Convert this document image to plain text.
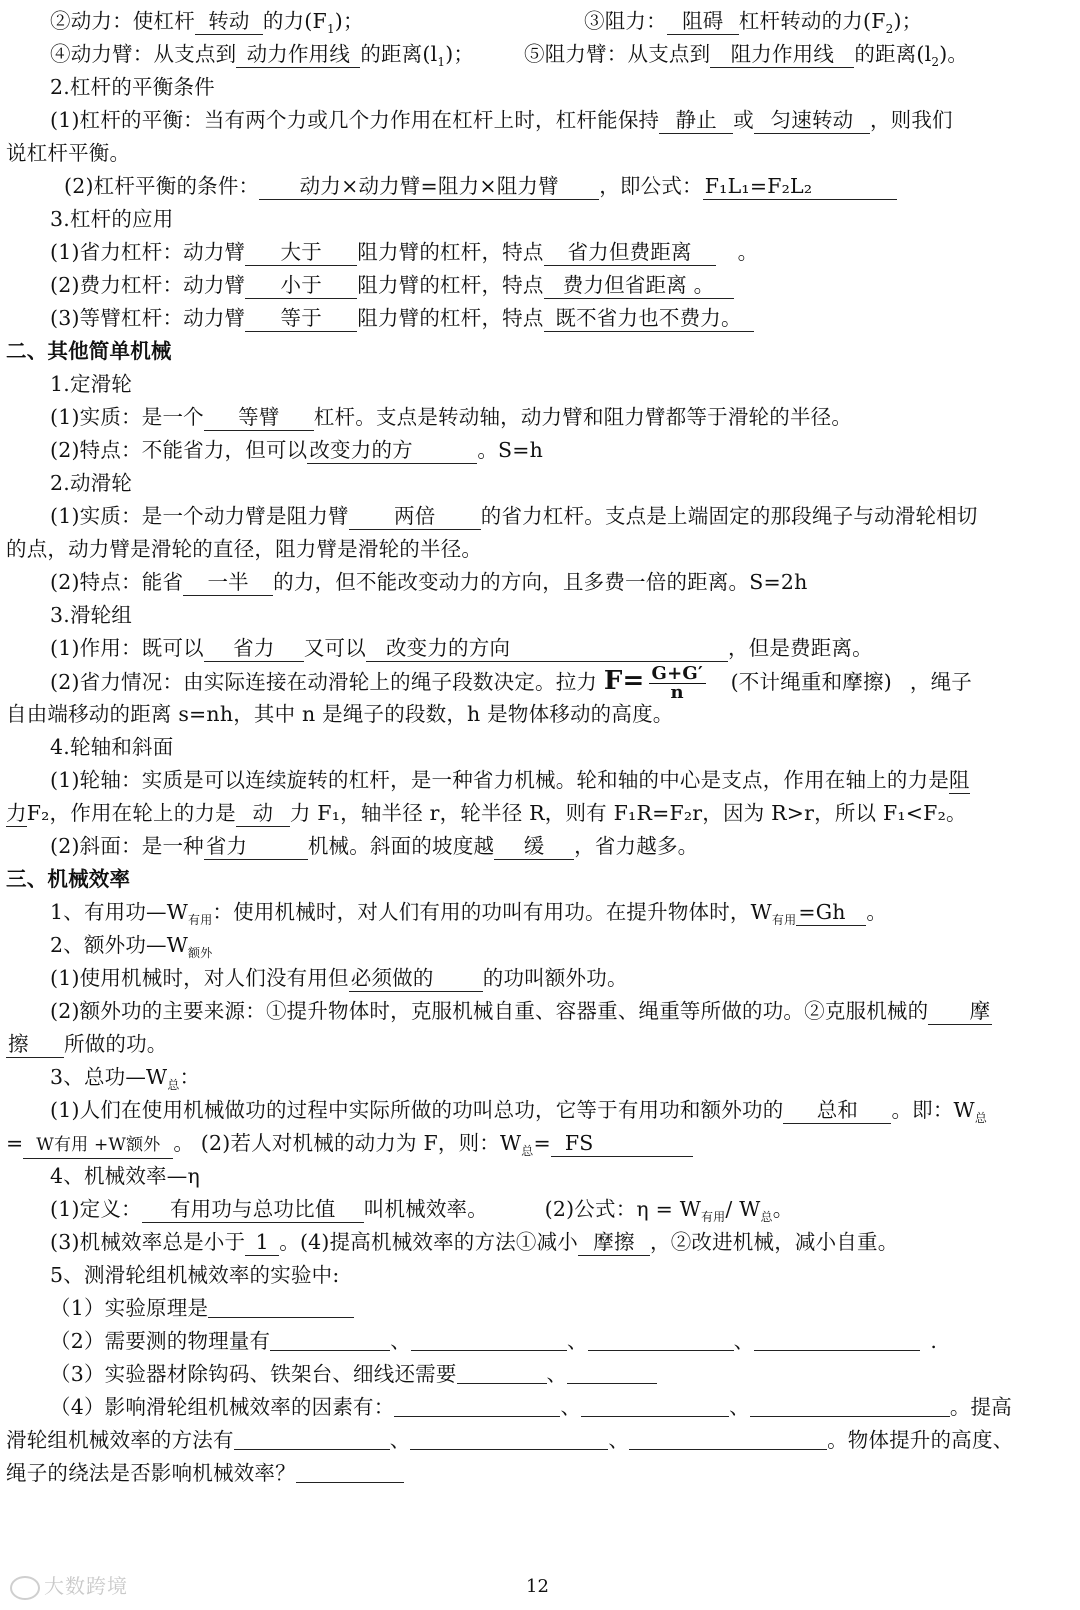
②动力：使杠杆 转动 的力$(F_1)$；	③阻力： 阻碍 杠杆转动的力$(F_2)$；
④动力臂：从支点到 动力作用线 的距离$(l_1)$； ⑤阻力臂：从支点到 阻力作用线 的距离$(l_2)$。
2.杠杆的平衡条件
(1)杠杆的平衡：当有两个力或几个力作用在杠杆上时，杠杆能保持 静止 或 匀速转动 ，则我们
说杠杆平衡。
(2)杠杆平衡的条件： 动力×动力臂=阻力×阻力臂 ，即公式：F₁L₁=F₂L₂
3.杠杆的应用
(1)省力杠杆：动力臂 大于 阻力臂的杠杆，特点 省力但费距离 。
(2)费力杠杆：动力臂 小于 阻力臂的杠杆，特点 费力但省距离 。
(3)等臂杠杆：动力臂 等于 阻力臂的杠杆，特点 既不省力也不费力。
二、其他简单机械
1.定滑轮
(1)实质：是一个 等臂 杠杆。支点是转动轴，动力臂和阻力臂都等于滑轮的半径。
(2)特点：不能省力，但可以改变力的方	。S=h
2.动滑轮
(1)实质：是一个动力臂是阻力臂 两倍 的省力杠杆。支点是上端固定的那段绳子与动滑轮相切
的点，动力臂是滑轮的直径，阻力臂是滑轮的半径。
(2)特点：能省 一半 的力，但不能改变动力的方向，且多费一倍的距离。S=2h
3.滑轮组
(1)作用：既可以 省力 又可以 改变力的方向	，但是费距离。
(2)省力情况：由实际连接在动滑轮上的绳子段数决定。拉力 $F= \frac{G+G'}{n}$ (不计绳重和摩擦) ，绳子
自由端移动的距离 s=nh，其中 n 是绳子的段数，h 是物体移动的高度。
4.轮轴和斜面
(1)轮轴：实质是可以连续旋转的杠杆，是一种省力机械。轮和轴的中心是支点，作用在轴上的力是阻
力F₂，作用在轮上的力是 动 力 F₁，轴半径 r，轮半径 R，则有 F₁R=F₂r，因为 R>r，所以 F₁<F₂。
(2)斜面：是一种省力	机械。斜面的坡度越 缓 ，省力越多。
三、机械效率
1、有用功$—W_{有用}$：使用机械时，对人们有用的功叫有用功。在提升物体时，$W_{有用}=Gh$ 。
2、额外功$—W_{额外}$
(1)使用机械时，对人们没有用但必须做的 的功叫额外功。
(2)额外功的主要来源：①提升物体时，克服机械自重、容器重、绳重等所做的功。②克服机械的 摩
擦 所做的功。
3、总功$—W_总$：
(1)人们在使用机械做功的过程中实际所做的功叫总功，它等于有用功和额外功的 总和 。即：$W_总$
= W有用 +W额外 。 (2)若人对机械的动力为 F，则：$W_总=$ FS
4、机械效率—η
(1)定义： 有用功与总功比值 叫机械效率。	(2)公式：$\eta = W_{有用}/$ $W_总$。
(3)机械效率总是小于 1 。(4)提高机械效率的方法①减小 摩擦 ，②改进机械，减小自重。
5、测滑轮组机械效率的实验中:
（1）实验原理是
（2）需要测的物理量有	、	、	、	.
（3）实验器材除钩码、铁架台、细线还需要	、
（4）影响滑轮组机械效率的因素有：	、	、	。提高
滑轮组机械效率的方法有	、	、	。物体提升的高度、
绳子的绕法是否影响机械效率？
大数跨境	12
